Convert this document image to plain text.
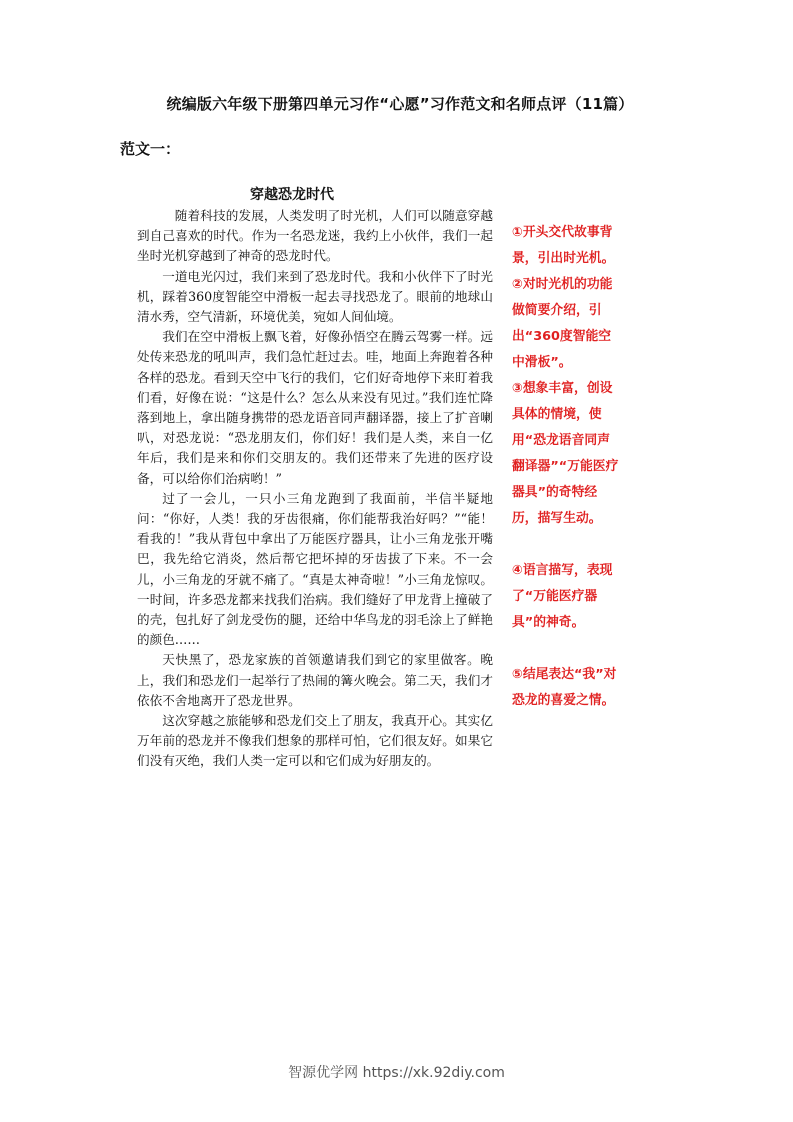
统编版六年级下册第四单元习作“心愿”习作范文和名师点评（11篇）
范文一：
穿越恐龙时代

随着科技的发展，人类发明了时光机，人们可以随意穿越到自己喜欢的时代。作为一名恐龙迷，我约上小伙伴，我们一起坐时光机穿越到了神奇的恐龙时代。

一道电光闪过，我们来到了恐龙时代。我和小伙伴下了时光机，踩着360度智能空中滑板一起去寻找恐龙了。眼前的地球山清水秀，空气清新，环境优美，宛如人间仙境。

我们在空中滑板上飘飞着，好像孙悟空在腾云驾雾一样。远处传来恐龙的吼叫声，我们急忙赶过去。哇，地面上奔跑着各种各样的恐龙。看到天空中飞行的我们，它们好奇地停下来盯着我们看，好像在说：“这是什么？怎么从来没有见过。”我们连忙降落到地上，拿出随身携带的恐龙语音同声翻译器，接上了扩音喇叭，对恐龙说：“恐龙朋友们，你们好！我们是人类，来自一亿年后，我们是来和你们交朋友的。我们还带来了先进的医疗设备，可以给你们治病哟！”

过了一会儿，一只小三角龙跑到了我面前，半信半疑地问：“你好，人类！我的牙齿很痛，你们能帮我治好吗？”“能！看我的！”我从背包中拿出了万能医疗器具，让小三角龙张开嘴巴，我先给它消炎，然后帮它把坏掉的牙齿拔了下来。不一会儿，小三角龙的牙就不痛了。“真是太神奇啦！”小三角龙惊叹。一时间，许多恐龙都来找我们治病。我们缝好了甲龙背上撞破了的壳，包扎好了剑龙受伤的腿，还给中华鸟龙的羽毛涂上了鲜艳的颜色……

天快黑了，恐龙家族的首领邀请我们到它的家里做客。晚上，我们和恐龙们一起举行了热闹的篝火晚会。第二天，我们才依依不舍地离开了恐龙世界。

这次穿越之旅能够和恐龙们交上了朋友，我真开心。其实亿万年前的恐龙并不像我们想象的那样可怕，它们很友好。如果它们没有灭绝，我们人类一定可以和它们成为好朋友的。

①开头交代故事背景，引出时光机。

②对时光机的功能做简要介绍，引出“360度智能空中滑板”。

③想象丰富，创设具体的情境，使用“恐龙语音同声翻译器”“万能医疗器具”的奇特经历，描写生动。

④语言描写，表现了“万能医疗器具”的神奇。

⑤结尾表达“我”对恐龙的喜爱之情。

智源优学网 https://xk.92diy.com
